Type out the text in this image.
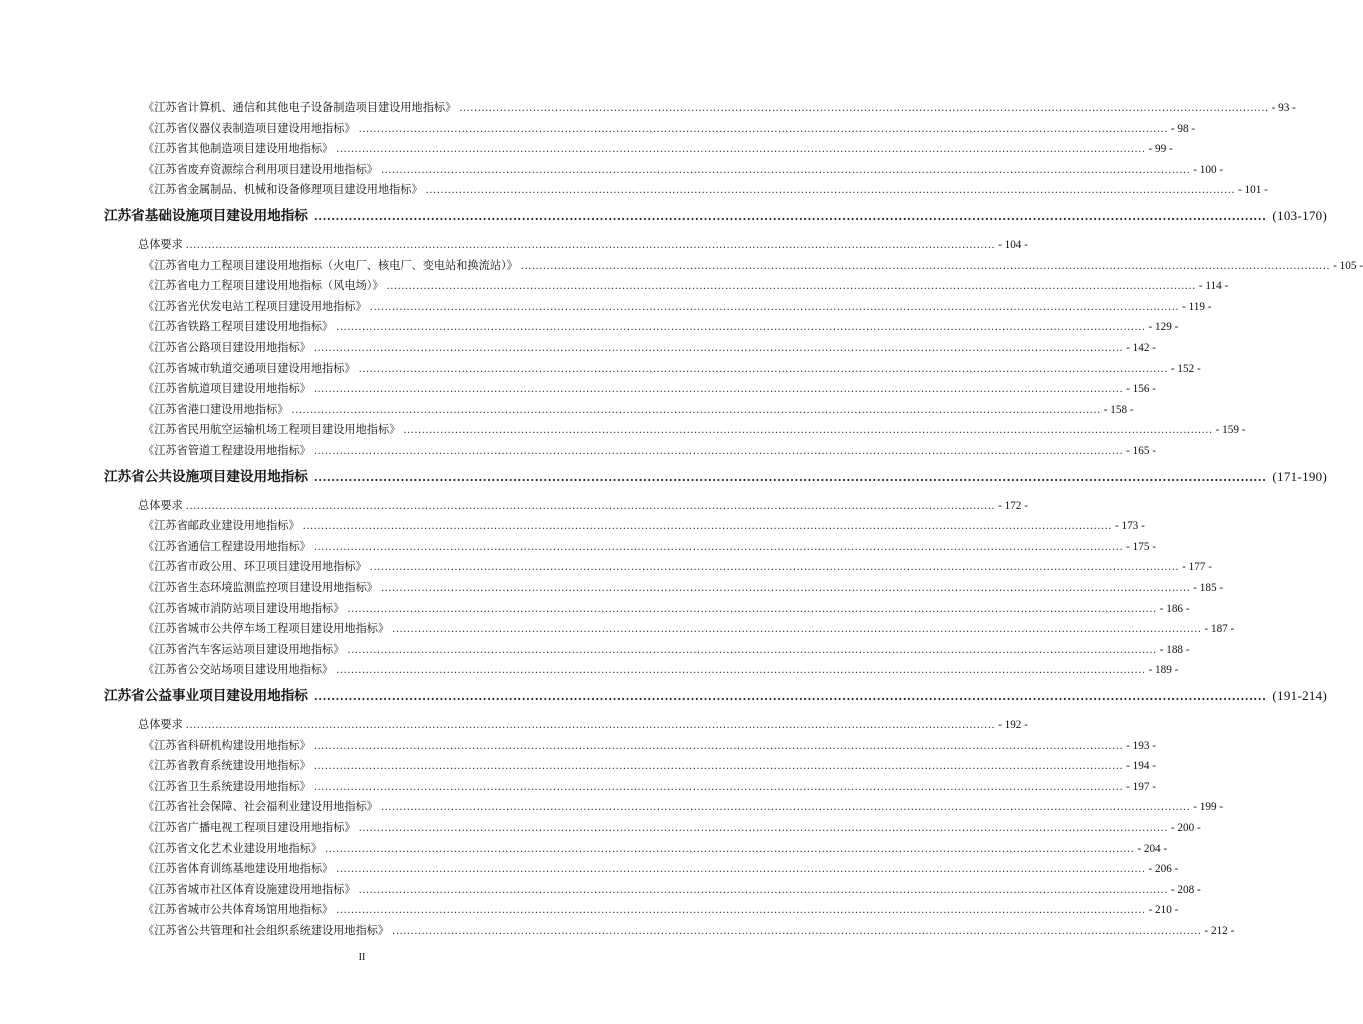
《江苏省计算机、通信和其他电子设备制造项目建设用地指标》 ............................................................................................................................................................................................................................ - 93 -
《江苏省仪器仪表制造项目建设用地指标》 ............................................................................................................................................................................................................................ - 98 -
《江苏省其他制造项目建设用地指标》 ............................................................................................................................................................................................................................ - 99 -
《江苏省废弃资源综合利用项目建设用地指标》 ............................................................................................................................................................................................................................ - 100 -
《江苏省金属制品、机械和设备修理项目建设用地指标》 ............................................................................................................................................................................................................................ - 101 -
江苏省基础设施项目建设用地指标 ............................................................................................................................................................................................................................ (103-170)
总体要求 ............................................................................................................................................................................................................................ - 104 -
《江苏省电力工程项目建设用地指标（火电厂、核电厂、变电站和换流站）》 ............................................................................................................................................................................................................................ - 105 -
《江苏省电力工程项目建设用地指标（风电场）》 ............................................................................................................................................................................................................................ - 114 -
《江苏省光伏发电站工程项目建设用地指标》 ............................................................................................................................................................................................................................ - 119 -
《江苏省铁路工程项目建设用地指标》 ............................................................................................................................................................................................................................ - 129 -
《江苏省公路项目建设用地指标》 ............................................................................................................................................................................................................................ - 142 -
《江苏省城市轨道交通项目建设用地指标》 ............................................................................................................................................................................................................................ - 152 -
《江苏省航道项目建设用地指标》 ............................................................................................................................................................................................................................ - 156 -
《江苏省港口建设用地指标》 ............................................................................................................................................................................................................................ - 158 -
《江苏省民用航空运输机场工程项目建设用地指标》 ............................................................................................................................................................................................................................ - 159 -
《江苏省管道工程建设用地指标》 ............................................................................................................................................................................................................................ - 165 -
江苏省公共设施项目建设用地指标 ............................................................................................................................................................................................................................ (171-190)
总体要求 ............................................................................................................................................................................................................................ - 172 -
《江苏省邮政业建设用地指标》 ............................................................................................................................................................................................................................ - 173 -
《江苏省通信工程建设用地指标》 ............................................................................................................................................................................................................................ - 175 -
《江苏省市政公用、环卫项目建设用地指标》 ............................................................................................................................................................................................................................ - 177 -
《江苏省生态环境监测监控项目建设用地指标》 ............................................................................................................................................................................................................................ - 185 -
《江苏省城市消防站项目建设用地指标》 ............................................................................................................................................................................................................................ - 186 -
《江苏省城市公共停车场工程项目建设用地指标》 ............................................................................................................................................................................................................................ - 187 -
《江苏省汽车客运站项目建设用地指标》 ............................................................................................................................................................................................................................ - 188 -
《江苏省公交站场项目建设用地指标》 ............................................................................................................................................................................................................................ - 189 -
江苏省公益事业项目建设用地指标 ............................................................................................................................................................................................................................ (191-214)
总体要求 ............................................................................................................................................................................................................................ - 192 -
《江苏省科研机构建设用地指标》 ............................................................................................................................................................................................................................ - 193 -
《江苏省教育系统建设用地指标》 ............................................................................................................................................................................................................................ - 194 -
《江苏省卫生系统建设用地指标》 ............................................................................................................................................................................................................................ - 197 -
《江苏省社会保障、社会福利业建设用地指标》 ............................................................................................................................................................................................................................ - 199 -
《江苏省广播电视工程项目建设用地指标》 ............................................................................................................................................................................................................................ - 200 -
《江苏省文化艺术业建设用地指标》 ............................................................................................................................................................................................................................ - 204 -
《江苏省体育训练基地建设用地指标》 ............................................................................................................................................................................................................................ - 206 -
《江苏省城市社区体育设施建设用地指标》 ............................................................................................................................................................................................................................ - 208 -
《江苏省城市公共体育场馆用地指标》 ............................................................................................................................................................................................................................ - 210 -
《江苏省公共管理和社会组织系统建设用地指标》 ............................................................................................................................................................................................................................ - 212 -
II
